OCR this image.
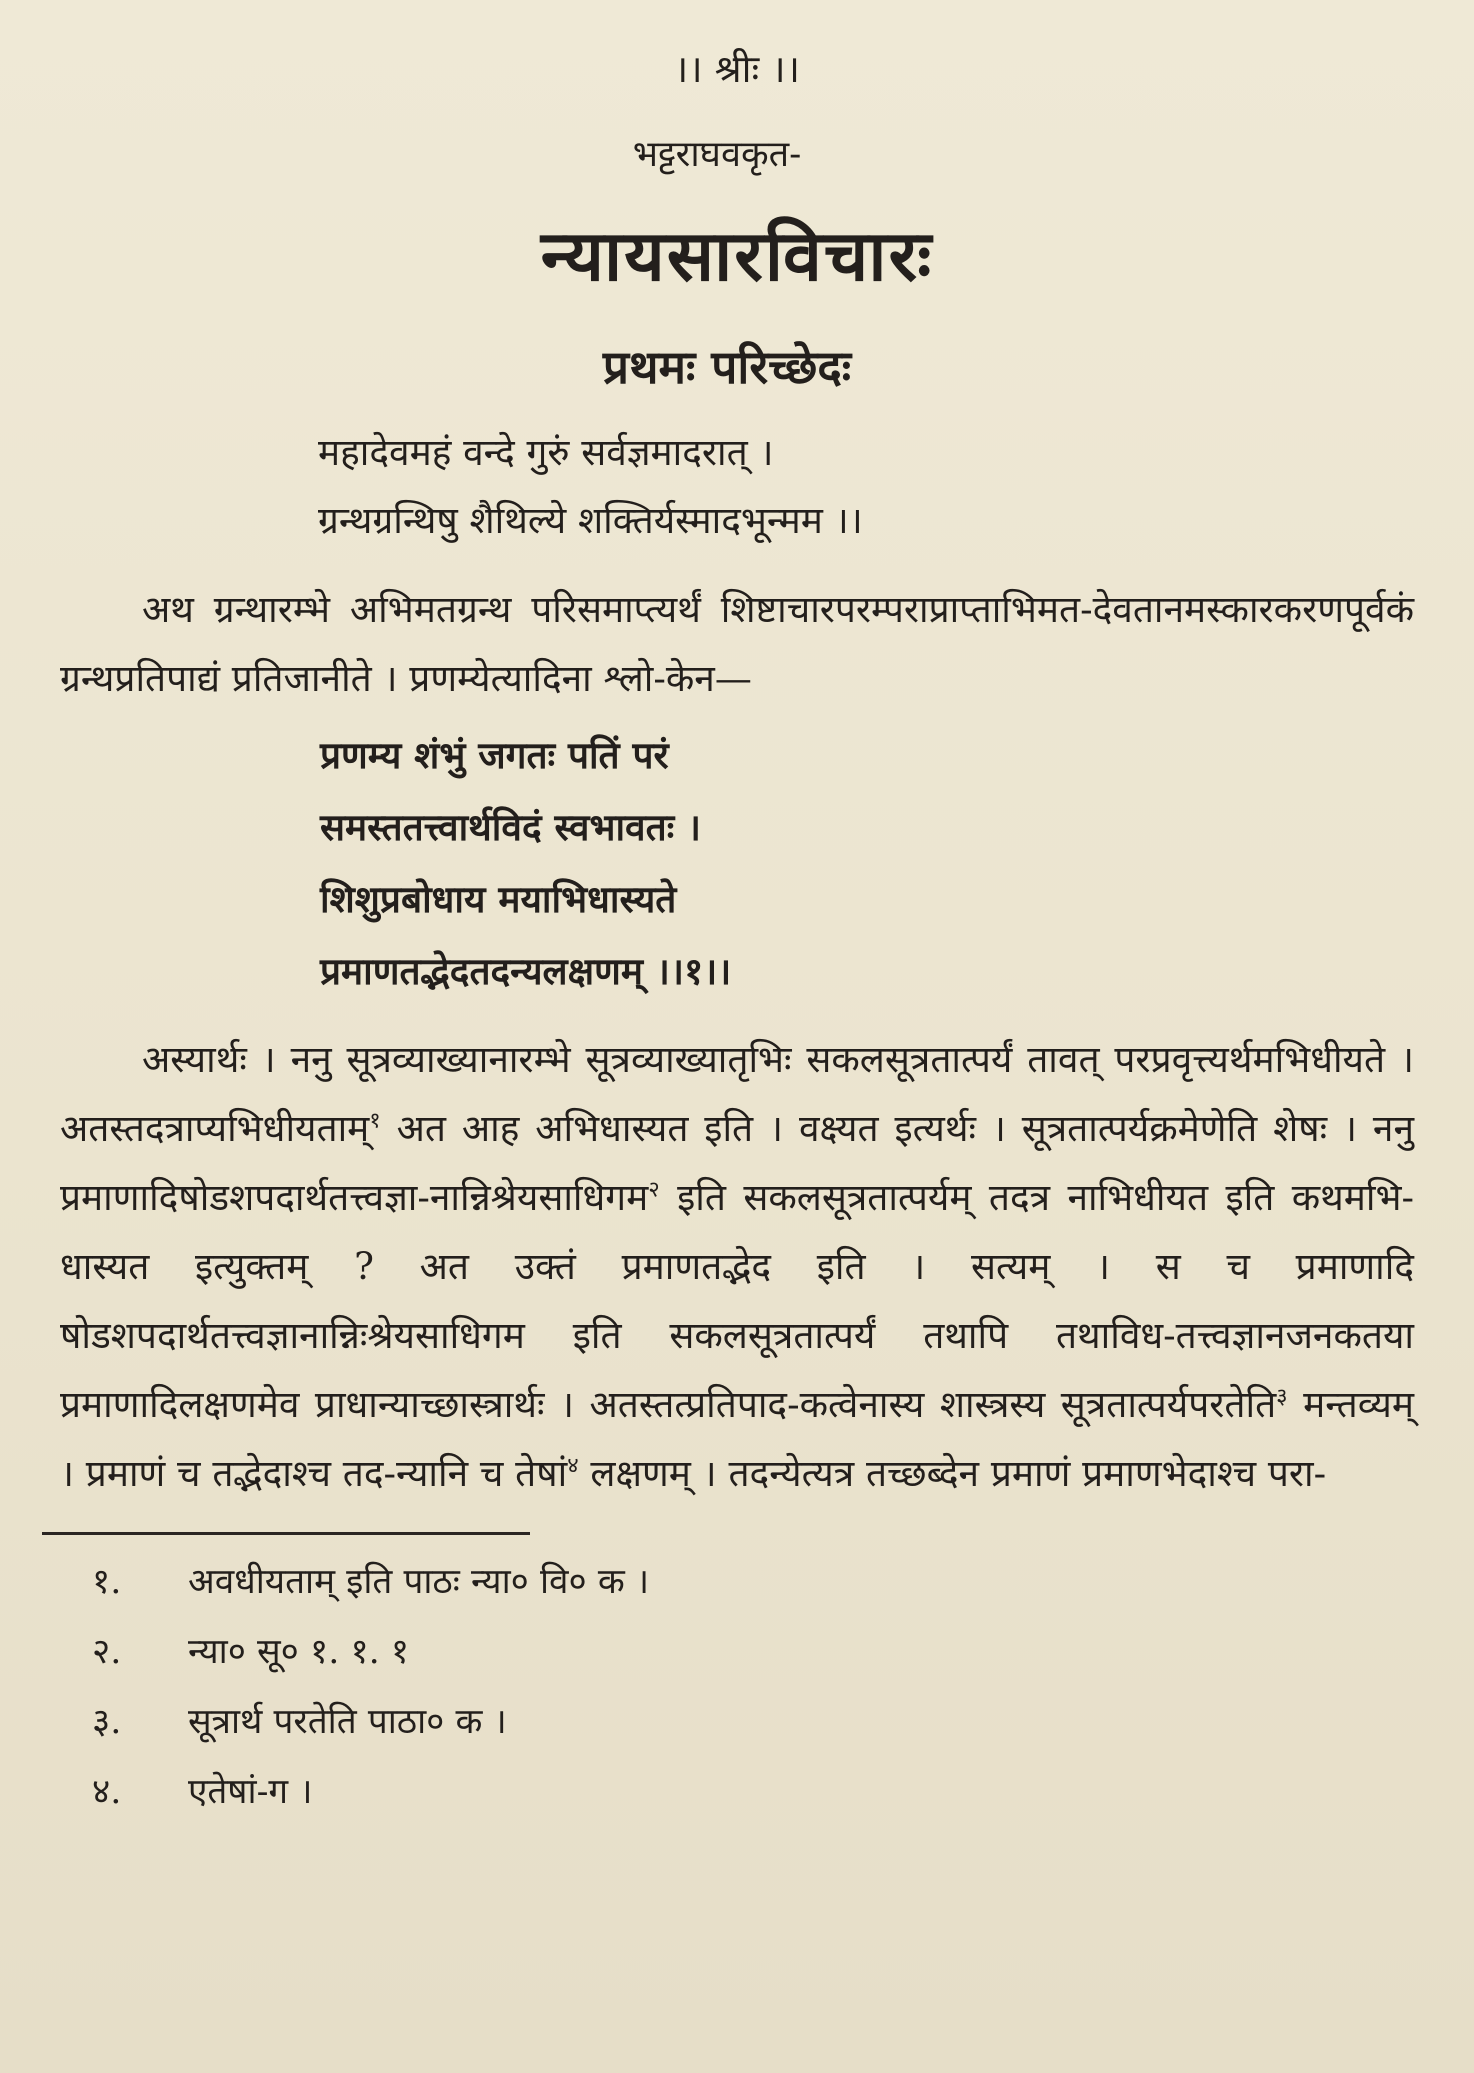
।। श्रीः ।।
भट्टराघवकृत-
न्यायसारविचारः
प्रथमः परिच्छेदः
महादेवमहं वन्दे गुरुं सर्वज्ञमादरात् ।
ग्रन्थग्रन्थिषु शैथिल्ये शक्तिर्यस्मादभून्मम ।।

अथ ग्रन्थारम्भे अभिमतग्रन्थ परिसमाप्त्यर्थं शिष्टाचारपरम्पराप्राप्ताभिमत-देवतानमस्कारकरणपूर्वकं ग्रन्थप्रतिपाद्यं प्रतिजानीते । प्रणम्येत्यादिना श्लो-केन—

प्रणम्य शंभुं जगतः पतिं परं
समस्ततत्त्वार्थविदं स्वभावतः ।
शिशुप्रबोधाय मयाभिधास्यते
प्रमाणतद्भेदतदन्यलक्षणम् ।।१।।

अस्यार्थः । ननु सूत्रव्याख्यानारम्भे सूत्रव्याख्यातृभिः सकलसूत्रतात्पर्यं तावत् परप्रवृत्त्यर्थमभिधीयते । अतस्तदत्राप्यभिधीयताम्$^१$ अत आह अभिधास्यत इति । वक्ष्यत इत्यर्थः । सूत्रतात्पर्यक्रमेणेति शेषः । ननु प्रमाणादिषोडशपदार्थतत्त्वज्ञा-नान्निश्रेयसाधिगम$^२$ इति सकलसूत्रतात्पर्यम् तदत्र नाभिधीयत इति कथमभि-धास्यत इत्युक्तम् ? अत उक्तं प्रमाणतद्भेद इति । सत्यम् । स च प्रमाणादि षोडशपदार्थतत्त्वज्ञानान्निःश्रेयसाधिगम इति सकलसूत्रतात्पर्यं तथापि तथाविध-तत्त्वज्ञानजनकतया प्रमाणादिलक्षणमेव प्राधान्याच्छास्त्रार्थः । अतस्तत्प्रतिपाद-कत्वेनास्य शास्त्रस्य सूत्रतात्पर्यपरतेति$^३$ मन्तव्यम् । प्रमाणं च तद्भेदाश्च तद-न्यानि च तेषां$^४$ लक्षणम् । तदन्येत्यत्र तच्छब्देन प्रमाणं प्रमाणभेदाश्च परा-

१.	अवधीयताम् इति पाठः न्या० वि० क ।
२.	न्या० सू० १. १. १
३.	सूत्रार्थ परतेति पाठा० क ।
४.	एतेषां-ग ।
